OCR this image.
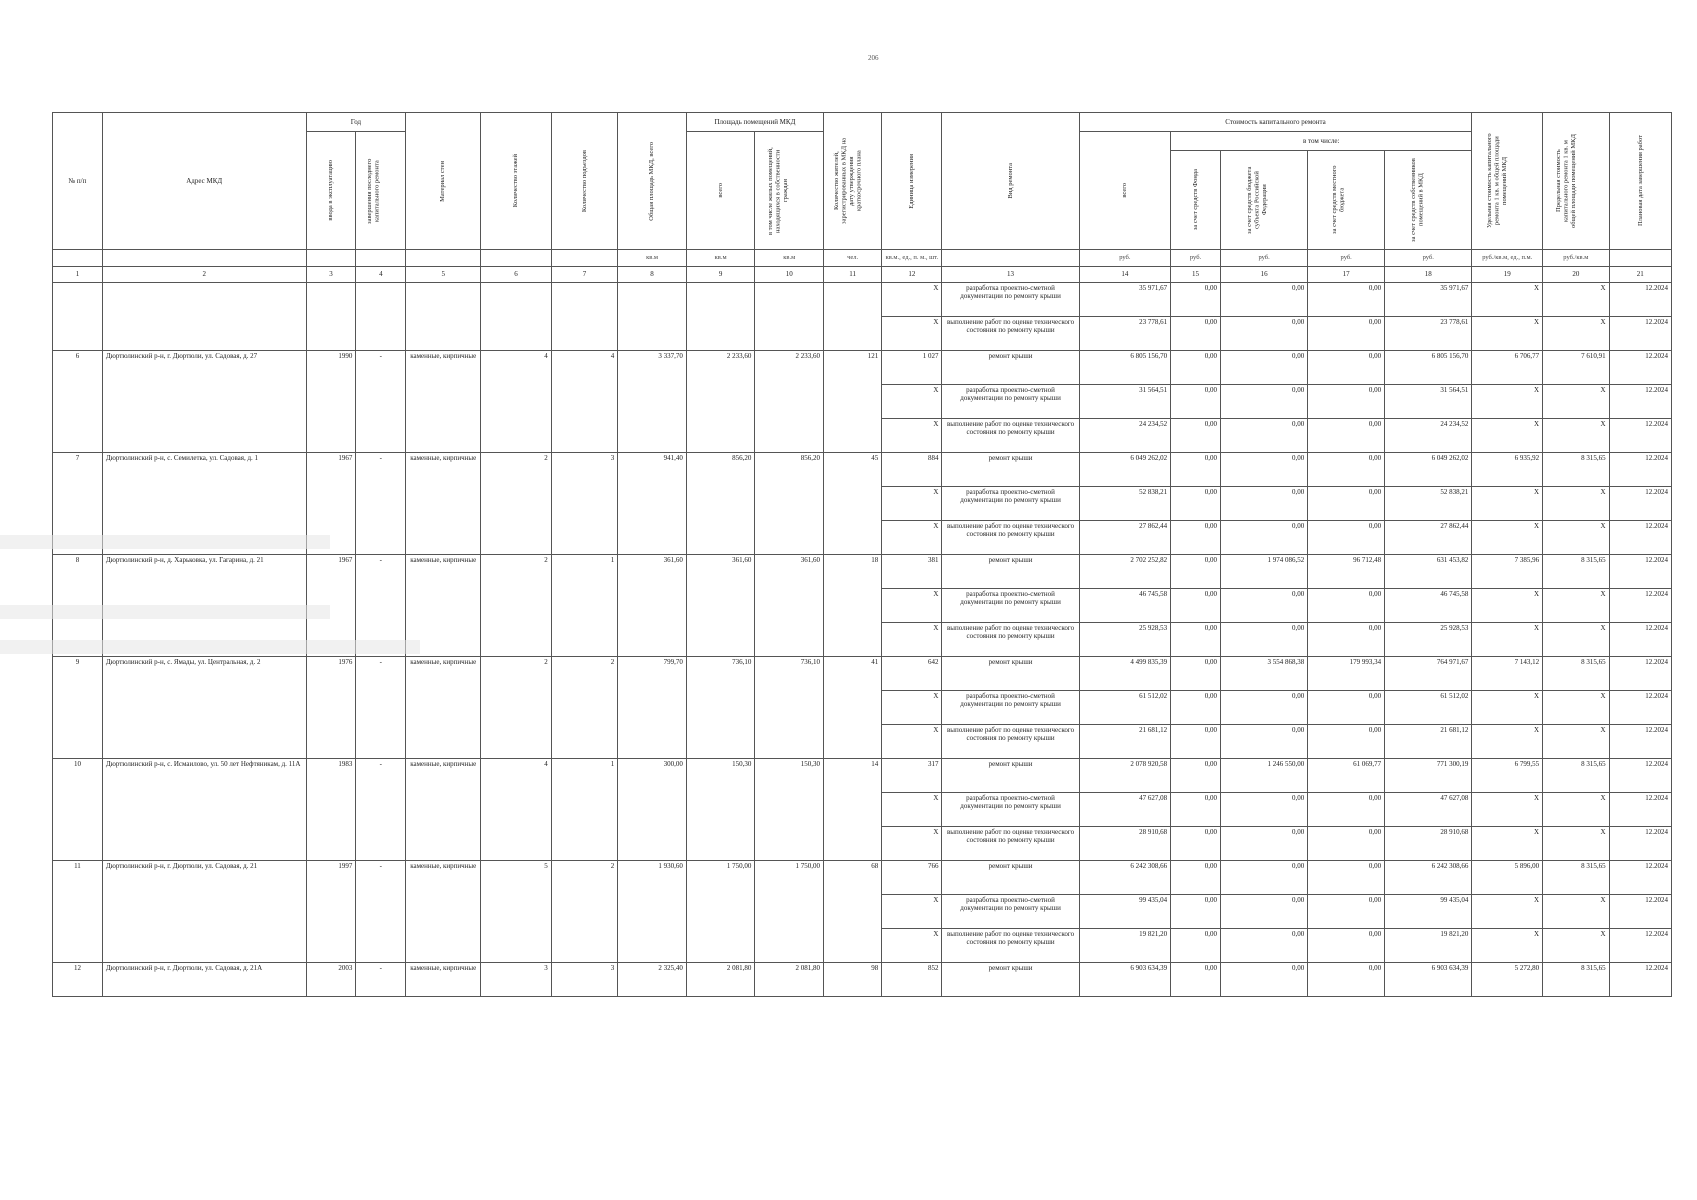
206
№ п/п	Адрес МКД	Год		Материал стен	Количество этажей	Количество подъездов	Общая площадь МКД, всего	Площадь помещений МКД		Количество жителей, зарегистрированных в МКД на дату утверждения краткосрочного плана	Единица измерения	Вид ремонта	Стоимость капитального ремонта					Удельная стоимость капитального ремонта 1 кв. м общей площади помещений МКД	Предельная стоимость капитального ремонта 1 кв. м общей площади помещений МКД	Плановая дата завершения работ

		ввода в эксплуатацию	завершения последнего капитального ремонта					всего	в том числе жилых помещений, находящихся в собственности граждан				всего	в том числе:						

														за счет средств Фонда	за счет средств бюджета субъекта Российской Федерации	за счет средств местного бюджета	за счет средств собственников помещений в МКД			

							кв.м	кв.м	кв.м	чел.	кв.м., ед., п. м., шт.		руб.	руб.	руб.	руб.	руб.	руб./кв.м, ед., п.м.	руб./кв.м	
1	2	3	4	5	6	7	8	9	10	11	12	13	14	15	16	17	18	19	20	21
											X	разработка проектно-сметной документации по ремонту крыши	35 971,67	0,00	0,00	0,00	35 971,67	X	X	12.2024
											X	выполнение работ по оценке технического состояния по ремонту крыши	23 778,61	0,00	0,00	0,00	23 778,61	X	X	12.2024
6	Дюртюлинский р-н, г. Дюртюли, ул. Садовая, д. 27	1990	-	каменные, кирпичные	4	4	3 337,70	2 233,60	2 233,60	121	1 027	ремонт крыши	6 805 156,70	0,00	0,00	0,00	6 805 156,70	6 706,77	7 610,91	12.2024
											X	разработка проектно-сметной документации по ремонту крыши	31 564,51	0,00	0,00	0,00	31 564,51	X	X	12.2024
											X	выполнение работ по оценке технического состояния по ремонту крыши	24 234,52	0,00	0,00	0,00	24 234,52	X	X	12.2024
7	Дюртюлинский р-н, с. Семилетка, ул. Садовая, д. 1	1967	-	каменные, кирпичные	2	3	941,40	856,20	856,20	45	884	ремонт крыши	6 049 262,02	0,00	0,00	0,00	6 049 262,02	6 935,92	8 315,65	12.2024
											X	разработка проектно-сметной документации по ремонту крыши	52 838,21	0,00	0,00	0,00	52 838,21	X	X	12.2024
											X	выполнение работ по оценке технического состояния по ремонту крыши	27 862,44	0,00	0,00	0,00	27 862,44	X	X	12.2024
8	Дюртюлинский р-н, д. Харьковка, ул. Гагарина, д. 21	1967	-	каменные, кирпичные	2	1	361,60	361,60	361,60	18	381	ремонт крыши	2 702 252,82	0,00	1 974 086,52	96 712,48	631 453,82	7 385,96	8 315,65	12.2024
											X	разработка проектно-сметной документации по ремонту крыши	46 745,58	0,00	0,00	0,00	46 745,58	X	X	12.2024
											X	выполнение работ по оценке технического состояния по ремонту крыши	25 928,53	0,00	0,00	0,00	25 928,53	X	X	12.2024
9	Дюртюлинский р-н, с. Ямады, ул. Центральная, д. 2	1976	-	каменные, кирпичные	2	2	799,70	736,10	736,10	41	642	ремонт крыши	4 499 835,39	0,00	3 554 868,38	179 993,34	764 971,67	7 143,12	8 315,65	12.2024
											X	разработка проектно-сметной документации по ремонту крыши	61 512,02	0,00	0,00	0,00	61 512,02	X	X	12.2024
											X	выполнение работ по оценке технического состояния по ремонту крыши	21 681,12	0,00	0,00	0,00	21 681,12	X	X	12.2024
10	Дюртюлинский р-н, с. Исмаилово, ул. 50 лет Нефтяникам, д. 11А	1983	-	каменные, кирпичные	4	1	300,00	150,30	150,30	14	317	ремонт крыши	2 078 920,58	0,00	1 246 550,00	61 069,77	771 300,19	6 799,55	8 315,65	12.2024
											X	разработка проектно-сметной документации по ремонту крыши	47 627,08	0,00	0,00	0,00	47 627,08	X	X	12.2024
											X	выполнение работ по оценке технического состояния по ремонту крыши	28 910,68	0,00	0,00	0,00	28 910,68	X	X	12.2024
11	Дюртюлинский р-н, г. Дюртюли, ул. Садовая, д. 21	1997	-	каменные, кирпичные	5	2	1 930,60	1 750,00	1 750,00	68	766	ремонт крыши	6 242 308,66	0,00	0,00	0,00	6 242 308,66	5 896,00	8 315,65	12.2024
											X	разработка проектно-сметной документации по ремонту крыши	99 435,04	0,00	0,00	0,00	99 435,04	X	X	12.2024
											X	выполнение работ по оценке технического состояния по ремонту крыши	19 821,20	0,00	0,00	0,00	19 821,20	X	X	12.2024
12	Дюртюлинский р-н, г. Дюртюли, ул. Садовая, д. 21А	2003	-	каменные, кирпичные	3	3	2 325,40	2 081,80	2 081,80	98	852	ремонт крыши	6 903 634,39	0,00	0,00	0,00	6 903 634,39	5 272,80	8 315,65	12.2024
